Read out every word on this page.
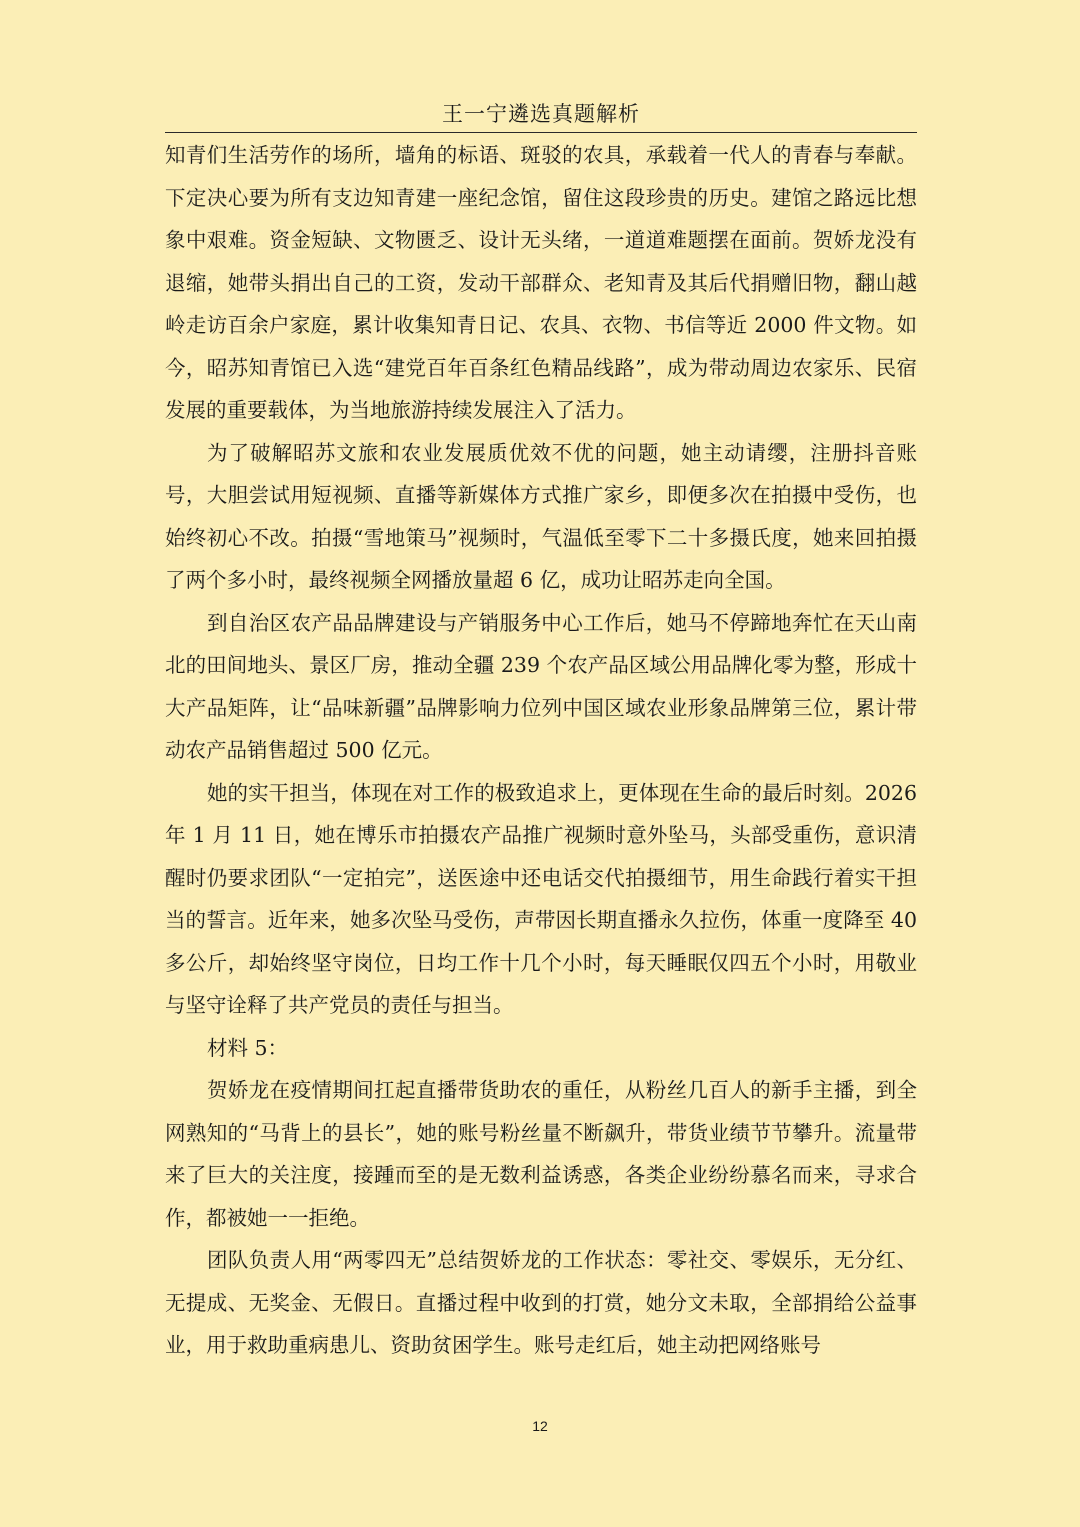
王一宁遴选真题解析

知青们生活劳作的场所，墙角的标语、斑驳的农具，承载着一代人的青春与奉献。下定决心要为所有支边知青建一座纪念馆，留住这段珍贵的历史。建馆之路远比想象中艰难。资金短缺、文物匮乏、设计无头绪，一道道难题摆在面前。贺娇龙没有退缩，她带头捐出自己的工资，发动干部群众、老知青及其后代捐赠旧物，翻山越岭走访百余户家庭，累计收集知青日记、农具、衣物、书信等近 2000 件文物。如今，昭苏知青馆已入选“建党百年百条红色精品线路”，成为带动周边农家乐、民宿发展的重要载体，为当地旅游持续发展注入了活力。

为了破解昭苏文旅和农业发展质优效不优的问题，她主动请缨，注册抖音账号，大胆尝试用短视频、直播等新媒体方式推广家乡，即便多次在拍摄中受伤，也始终初心不改。拍摄“雪地策马”视频时，气温低至零下二十多摄氏度，她来回拍摄了两个多小时，最终视频全网播放量超 6 亿，成功让昭苏走向全国。

到自治区农产品品牌建设与产销服务中心工作后，她马不停蹄地奔忙在天山南北的田间地头、景区厂房，推动全疆 239 个农产品区域公用品牌化零为整，形成十大产品矩阵，让“品味新疆”品牌影响力位列中国区域农业形象品牌第三位，累计带动农产品销售超过 500 亿元。

她的实干担当，体现在对工作的极致追求上，更体现在生命的最后时刻。2026 年 1 月 11 日，她在博乐市拍摄农产品推广视频时意外坠马，头部受重伤，意识清醒时仍要求团队“一定拍完”，送医途中还电话交代拍摄细节，用生命践行着实干担当的誓言。近年来，她多次坠马受伤，声带因长期直播永久拉伤，体重一度降至 40 多公斤，却始终坚守岗位，日均工作十几个小时，每天睡眠仅四五个小时，用敬业与坚守诠释了共产党员的责任与担当。

材料 5：

贺娇龙在疫情期间扛起直播带货助农的重任，从粉丝几百人的新手主播，到全网熟知的“马背上的县长”，她的账号粉丝量不断飙升，带货业绩节节攀升。流量带来了巨大的关注度，接踵而至的是无数利益诱惑，各类企业纷纷慕名而来，寻求合作，都被她一一拒绝。

团队负责人用“两零四无”总结贺娇龙的工作状态：零社交、零娱乐，无分红、无提成、无奖金、无假日。直播过程中收到的打赏，她分文未取，全部捐给公益事业，用于救助重病患儿、资助贫困学生。账号走红后，她主动把网络账号

12
